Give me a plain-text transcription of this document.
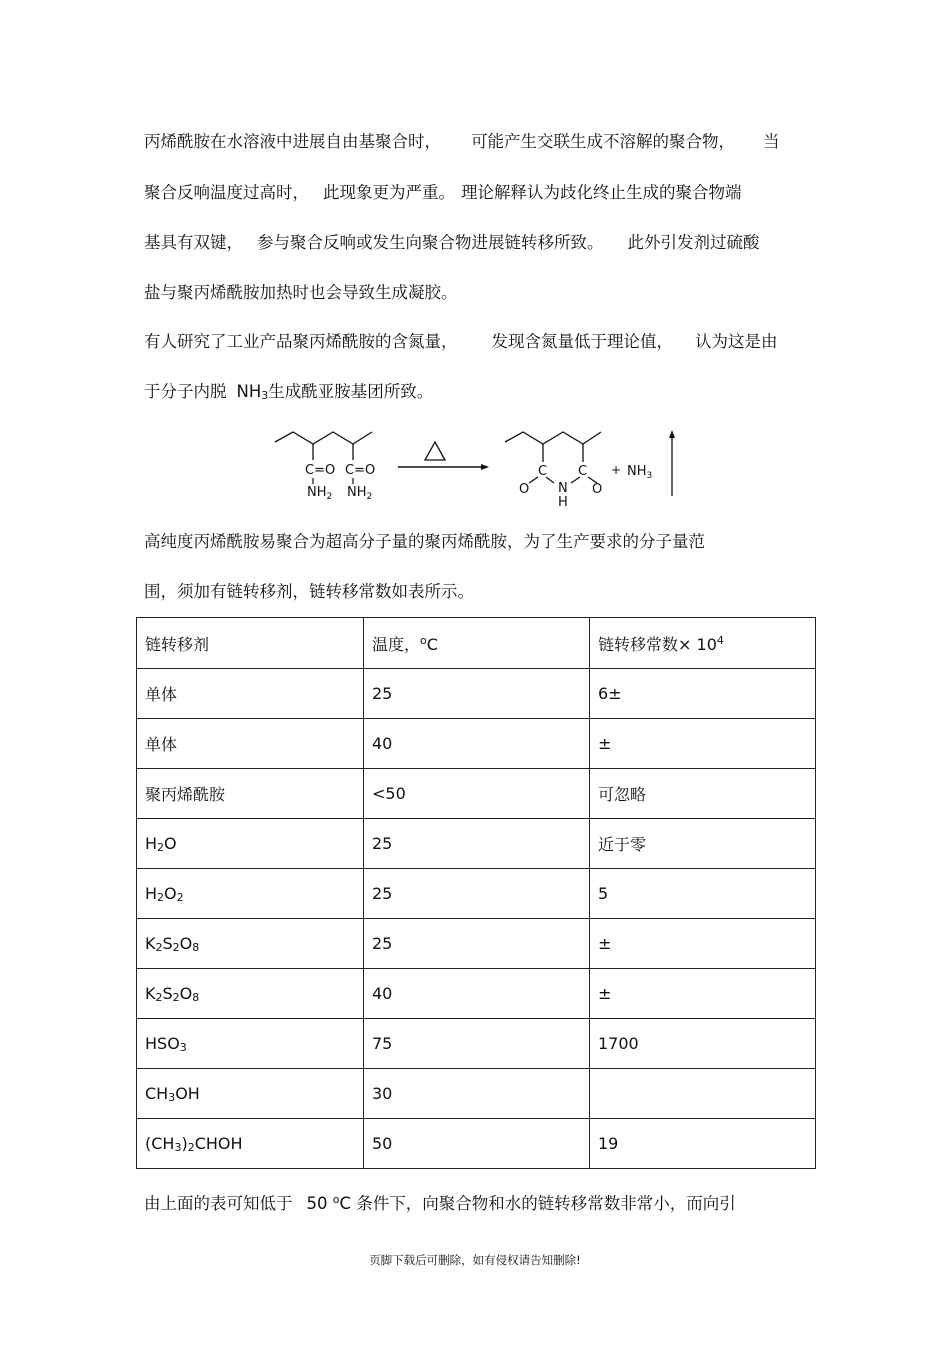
丙烯酰胺在水溶液中进展自由基聚合时， 可能产生交联生成不溶解的聚合物， 当
聚合反响温度过高时， 此现象更为严重。 理论解释认为歧化终止生成的聚合物端
基具有双键， 参与聚合反响或发生向聚合物进展链转移所致。 此外引发剂过硫酸
盐与聚丙烯酰胺加热时也会导致生成凝胶。
有人研究了工业产品聚丙烯酰胺的含氮量， 发现含氮量低于理论值， 认为这是由
于分子内脱 $NH_3$生成酰亚胺基团所致。
C=O C=O
$NH_2$ $NH_2$
C C
O	O
N
H
+ $NH_3$
高纯度丙烯酰胺易聚合为超高分子量的聚丙烯酰胺，为了生产要求的分子量范
围，须加有链转移剂，链转移常数如表所示。
链转移剂	温度，$^o$C	链转移常数× $10^4$
单体	25	6±
单体	40	±
聚丙烯酰胺	<50	可忽略
$H_2O$	25	近于零
$H_2O_2$	25	5
$K_2S_2O_8$	25	±
$K_2S_2O_8$	40	±
$HSO_3$	75	1700
$CH_3OH$	30	
$(CH_3)_2CHOH$	50	19
由上面的表可知低于 50 $^o$C 条件下，向聚合物和水的链转移常数非常小，而向引
页脚下载后可删除，如有侵权请告知删除!
